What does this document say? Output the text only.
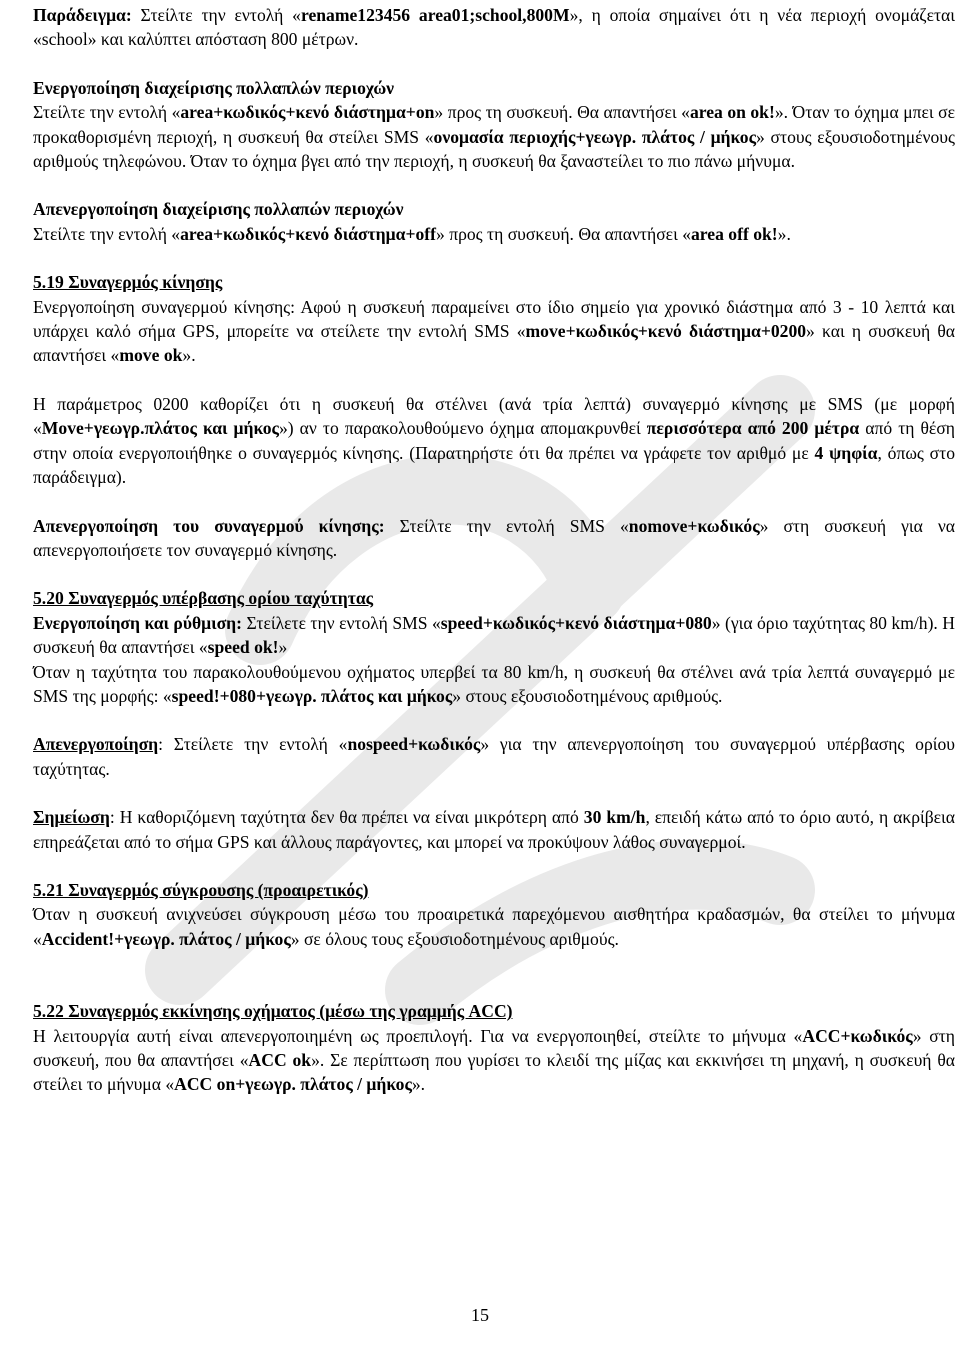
Παράδειγμα: Στείλτε την εντολή «rename123456 area01;school,800M», η οποία σημαίνει ότι η νέα περιοχή ονομάζεται «school» και καλύπτει απόσταση 800 μέτρων.

Ενεργοποίηση διαχείρισης πολλαπλών περιοχών

Στείλτε την εντολή «area+κωδικός+κενό διάστημα+on» προς τη συσκευή. Θα απαντήσει «area on ok!». Όταν το όχημα μπει σε προκαθορισμένη περιοχή, η συσκευή θα στείλει SMS «ονομασία περιοχής+γεωγρ. πλάτος / μήκος» στους εξουσιοδοτημένους αριθμούς τηλεφώνου. Όταν το όχημα βγει από την περιοχή, η συσκευή θα ξαναστείλει το πιο πάνω μήνυμα.

Απενεργοποίηση διαχείρισης πολλαπών περιοχών

Στείλτε την εντολή «area+κωδικός+κενό διάστημα+off» προς τη συσκευή. Θα απαντήσει «area off ok!».

5.19 Συναγερμός κίνησης

Ενεργοποίηση συναγερμού κίνησης: Αφού η συσκευή παραμείνει στο ίδιο σημείο για χρονικό διάστημα από 3 - 10 λεπτά και υπάρχει καλό σήμα GPS, μπορείτε να στείλετε την εντολή SMS «move+κωδικός+κενό διάστημα+0200» και η συσκευή θα απαντήσει «move ok».

Η παράμετρος 0200 καθορίζει ότι η συσκευή θα στέλνει (ανά τρία λεπτά) συναγερμό κίνησης με SMS (με μορφή «Move+γεωγρ.πλάτος και μήκος») αν το παρακολουθούμενο όχημα απομακρυνθεί περισσότερα από 200 μέτρα από τη θέση στην οποία ενεργοποιήθηκε ο συναγερμός κίνησης. (Παρατηρήστε ότι θα πρέπει να γράφετε τον αριθμό με 4 ψηφία, όπως στο παράδειγμα).

Απενεργοποίηση του συναγερμού κίνησης: Στείλτε την εντολή SMS «nomove+κωδικός» στη συσκευή για να απενεργοποιήσετε τον συναγερμό κίνησης.

5.20 Συναγερμός υπέρβασης ορίου ταχύτητας

Ενεργοποίηση και ρύθμιση: Στείλετε την εντολή SMS «speed+κωδικός+κενό διάστημα+080» (για όριο ταχύτητας 80 km/h). Η συσκευή θα απαντήσει «speed ok!»

Όταν η ταχύτητα του παρακολουθούμενου οχήματος υπερβεί τα 80 km/h, η συσκευή θα στέλνει ανά τρία λεπτά συναγερμό με SMS της μορφής: «speed!+080+γεωγρ. πλάτος και μήκος» στους εξουσιοδοτημένους αριθμούς.

Απενεργοποίηση: Στείλετε την εντολή «nospeed+κωδικός» για την απενεργοποίηση του συναγερμού υπέρβασης ορίου ταχύτητας.

Σημείωση: Η καθοριζόμενη ταχύτητα δεν θα πρέπει να είναι μικρότερη από 30 km/h, επειδή κάτω από το όριο αυτό, η ακρίβεια επηρεάζεται από το σήμα GPS και άλλους παράγοντες, και μπορεί να προκύψουν λάθος συναγερμοί.

5.21 Συναγερμός σύγκρουσης (προαιρετικός)

Όταν η συσκευή ανιχνεύσει σύγκρουση μέσω του προαιρετικά παρεχόμενου αισθητήρα κραδασμών, θα στείλει το μήνυμα «Accident!+γεωγρ. πλάτος / μήκος» σε όλους τους εξουσιοδοτημένους αριθμούς.

5.22 Συναγερμός εκκίνησης οχήματος (μέσω της γραμμής ACC)

Η λειτουργία αυτή είναι απενεργοποιημένη ως προεπιλογή. Για να ενεργοποιηθεί, στείλτε το μήνυμα «ACC+κωδικός» στη συσκευή, που θα απαντήσει «ACC ok». Σε περίπτωση που γυρίσει το κλειδί της μίζας και εκκινήσει τη μηχανή, η συσκευή θα στείλει το μήνυμα «ACC on+γεωγρ. πλάτος / μήκος».

15
